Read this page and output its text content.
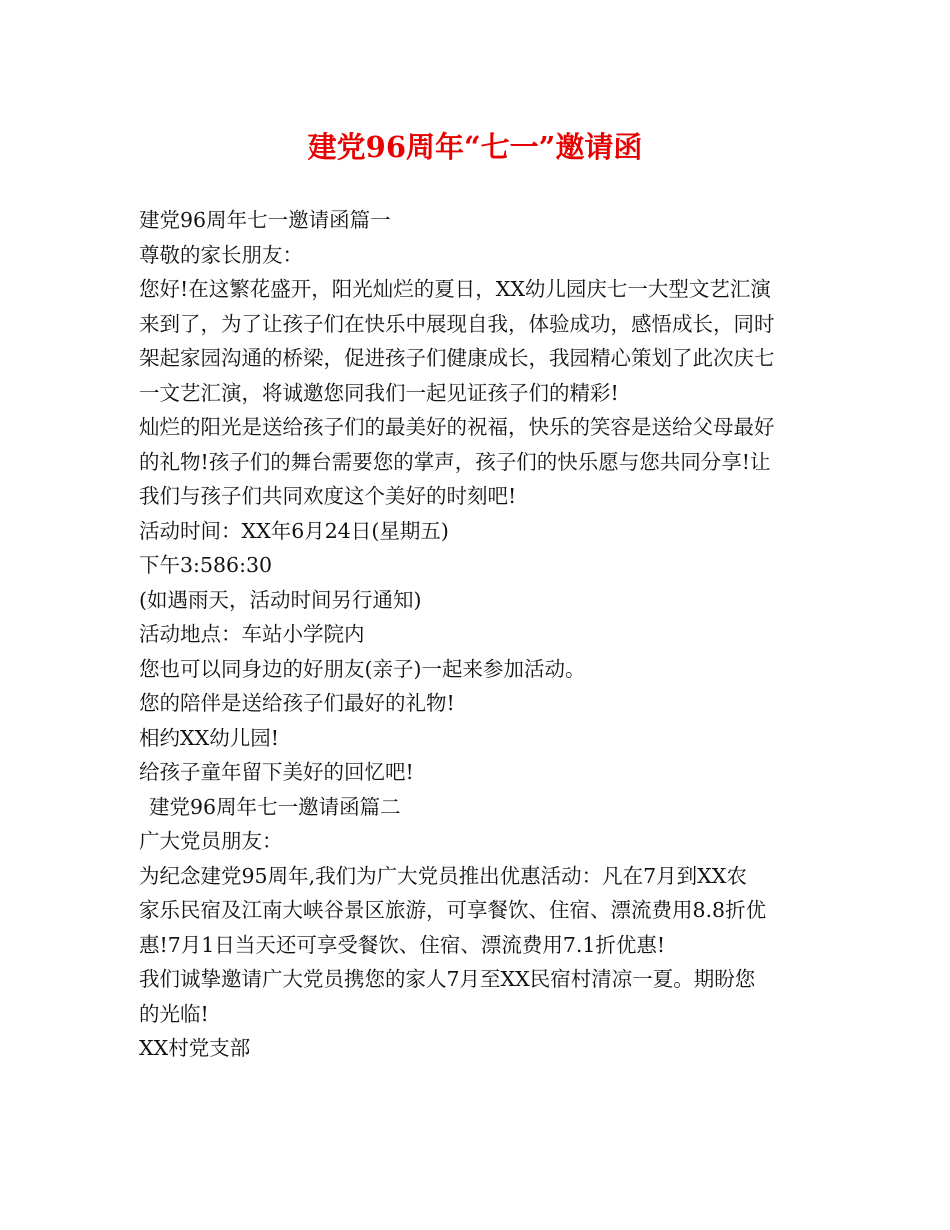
建党96周年“七一”邀请函
建党96周年七一邀请函篇一
尊敬的家长朋友：
您好!在这繁花盛开，阳光灿烂的夏日，XX幼儿园庆七一大型文艺汇演
来到了，为了让孩子们在快乐中展现自我，体验成功，感悟成长，同时
架起家园沟通的桥梁，促进孩子们健康成长，我园精心策划了此次庆七
一文艺汇演，将诚邀您同我们一起见证孩子们的精彩!
灿烂的阳光是送给孩子们的最美好的祝福，快乐的笑容是送给父母最好
的礼物!孩子们的舞台需要您的掌声，孩子们的快乐愿与您共同分享!让
我们与孩子们共同欢度这个美好的时刻吧!
活动时间：XX年6月24日(星期五)
下午3:586:30
(如遇雨天，活动时间另行通知)
活动地点：车站小学院内
您也可以同身边的好朋友(亲子)一起来参加活动。
您的陪伴是送给孩子们最好的礼物!
相约XX幼儿园!
给孩子童年留下美好的回忆吧!
建党96周年七一邀请函篇二
广大党员朋友：
为纪念建党95周年,我们为广大党员推出优惠活动：凡在7月到XX农
家乐民宿及江南大峡谷景区旅游，可享餐饮、住宿、漂流费用8.8折优
惠!7月1日当天还可享受餐饮、住宿、漂流费用7.1折优惠!
我们诚挚邀请广大党员携您的家人7月至XX民宿村清凉一夏。期盼您
的光临!
XX村党支部
